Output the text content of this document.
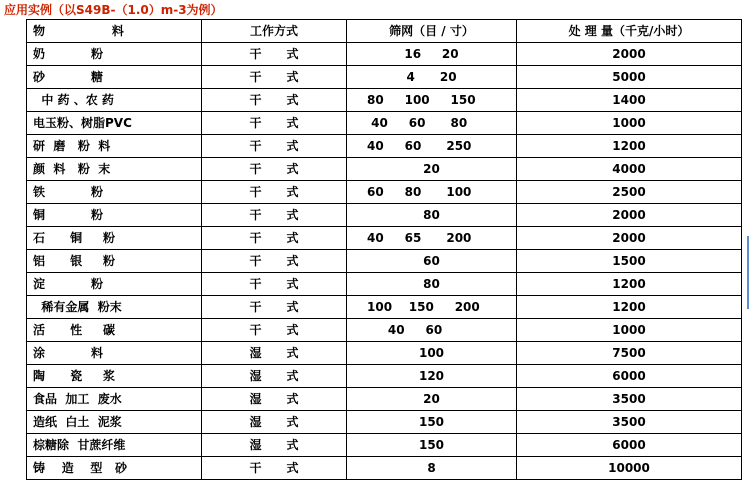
应用实例（以S49B-（1.0）m-3为例）
物                料	工作方式	筛网（目 / 寸）	处 理 量（千克/小时）
奶           粉	干      式	16     20	2000
砂           糖	干      式	4      20	5000
中 药 、农 药	干      式	80     100     150	1400
电玉粉、树脂PVC	干      式	40     60      80	1000
研  磨   粉  料	干      式	40     60      250	1200
颜  料   粉  末	干      式	20	4000
铁           粉	干      式	60     80      100	2500
铜           粉	干      式	80	2000
石      铜     粉	干      式	40     65      200	2000
铝      银     粉	干      式	60	1500
淀           粉	干      式	80	1200
稀有金属  粉末	干      式	100    150     200	1200
活      性     碳	干      式	40     60	1000
涂           料	湿      式	100	7500
陶      瓷     浆	湿      式	120	6000
食品  加工  废水	湿      式	20	3500
造纸  白土  泥浆	湿      式	150	3500
棕糖除  甘蔗纤维	湿      式	150	6000
铸    造    型   砂	干      式	8	10000
